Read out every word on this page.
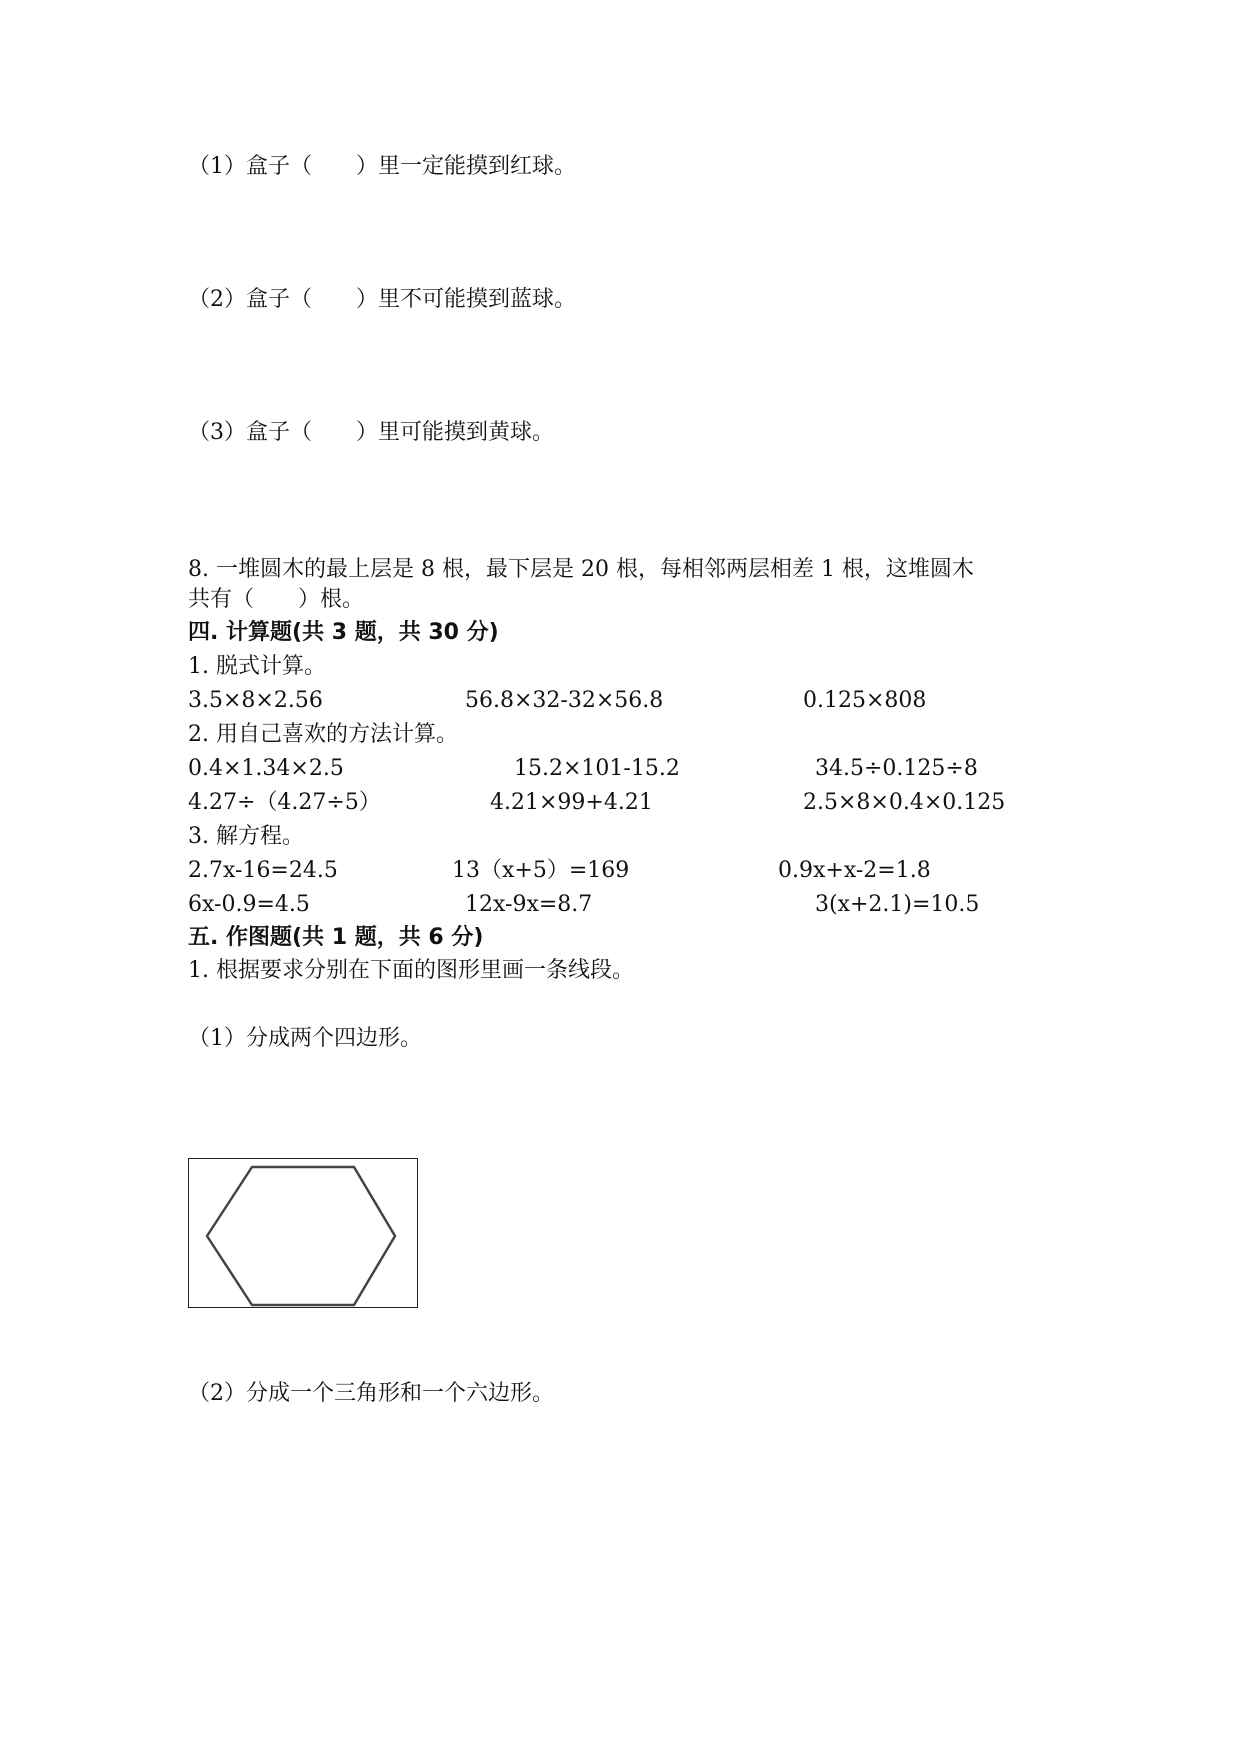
（1）盒子（　　）里一定能摸到红球。
（2）盒子（　　）里不可能摸到蓝球。
（3）盒子（　　）里可能摸到黄球。
8. 一堆圆木的最上层是 8 根，最下层是 20 根，每相邻两层相差 1 根，这堆圆木
共有（　　）根。
四. 计算题(共 3 题，共 30 分)
1. 脱式计算。
3.5×8×2.56	56.8×32-32×56.8	0.125×808
2. 用自己喜欢的方法计算。
0.4×1.34×2.5	15.2×101-15.2	34.5÷0.125÷8
4.27÷（4.27÷5）	4.21×99+4.21	2.5×8×0.4×0.125
3. 解方程。
2.7x-16=24.5	13（x+5）=169	0.9x+x-2=1.8
6x-0.9=4.5	12x-9x=8.7	3(x+2.1)=10.5
五. 作图题(共 1 题，共 6 分)
1. 根据要求分别在下面的图形里画一条线段。
（1）分成两个四边形。
（2）分成一个三角形和一个六边形。
